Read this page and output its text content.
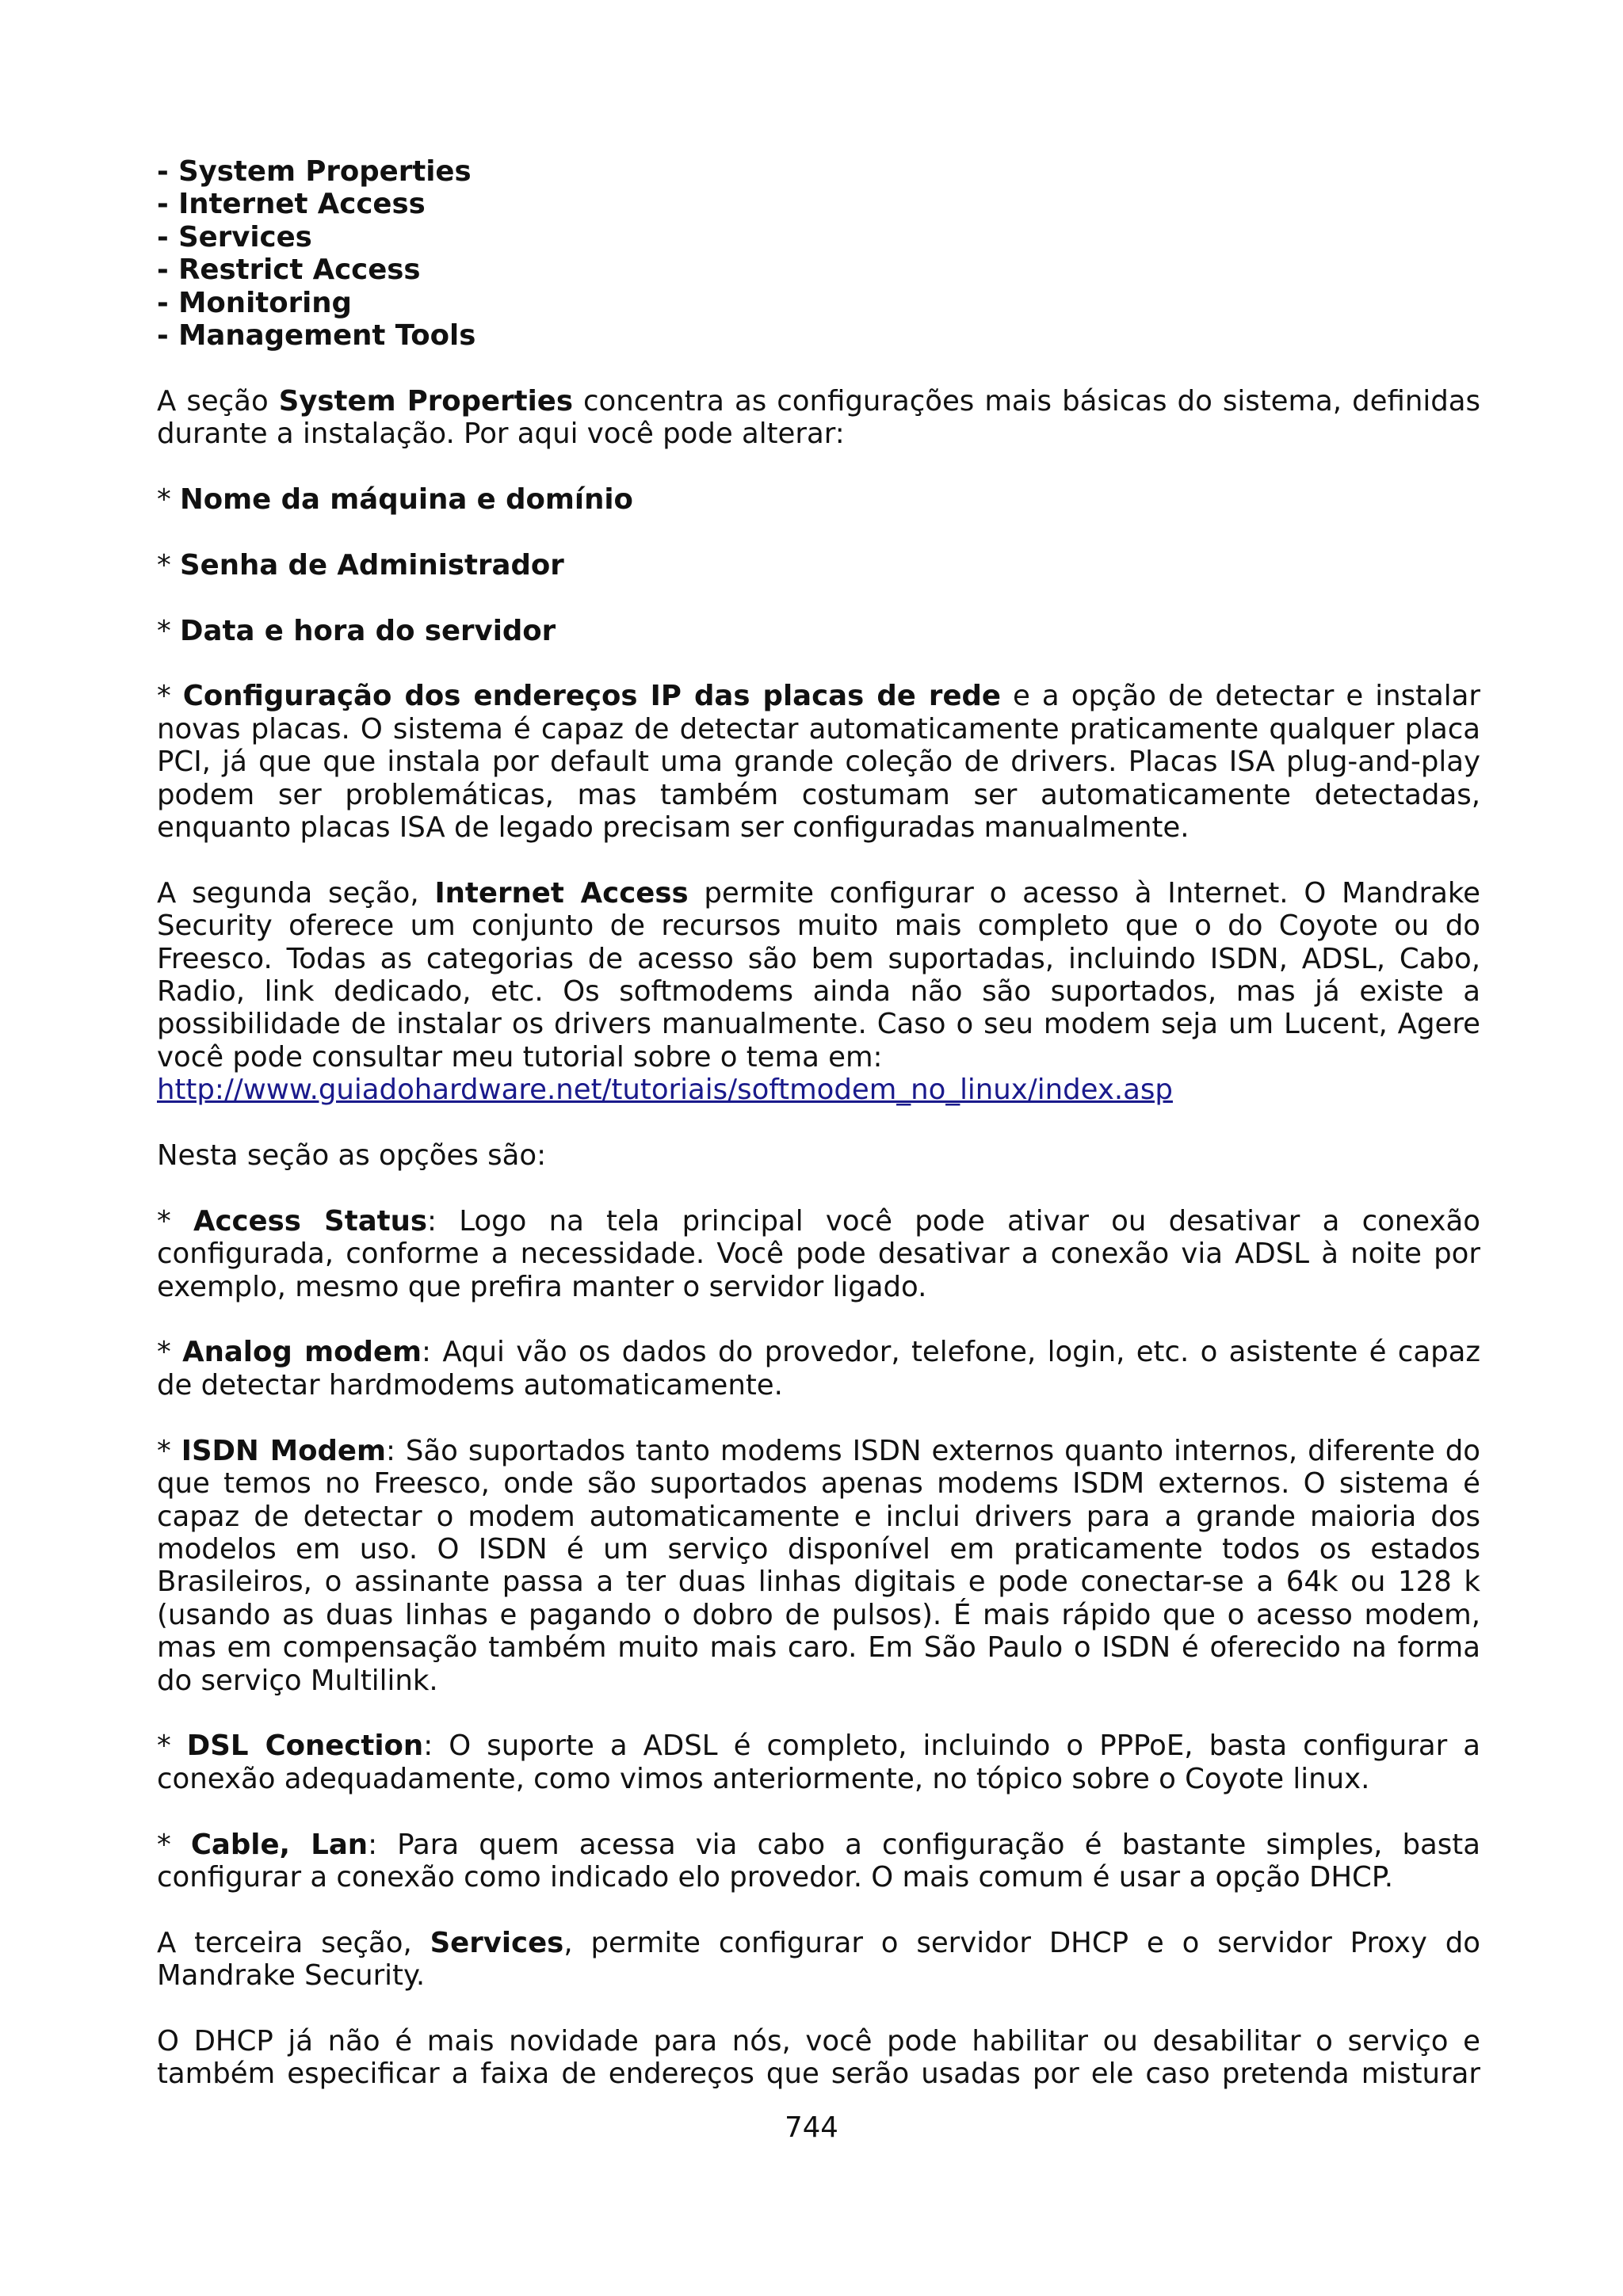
- System Properties
- Internet Access
- Services
- Restrict Access
- Monitoring
- Management Tools

A seção System Properties concentra as configurações mais básicas do sistema, definidas durante a instalação. Por aqui você pode alterar:

* Nome da máquina e domínio

* Senha de Administrador

* Data e hora do servidor

* Configuração dos endereços IP das placas de rede e a opção de detectar e instalar novas placas. O sistema é capaz de detectar automaticamente praticamente qualquer placa PCI, já que que instala por default uma grande coleção de drivers. Placas ISA plug-and-play podem ser problemáticas, mas também costumam ser automaticamente detectadas, enquanto placas ISA de legado precisam ser configuradas manualmente.

A segunda seção, Internet Access permite configurar o acesso à Internet. O Mandrake Security oferece um conjunto de recursos muito mais completo que o do Coyote ou do Freesco. Todas as categorias de acesso são bem suportadas, incluindo ISDN, ADSL, Cabo, Radio, link dedicado, etc. Os softmodems ainda não são suportados, mas já existe a possibilidade de instalar os drivers manualmente. Caso o seu modem seja um Lucent, Agere você pode consultar meu tutorial sobre o tema em:
http://www.guiadohardware.net/tutoriais/softmodem_no_linux/index.asp

Nesta seção as opções são:

* Access Status: Logo na tela principal você pode ativar ou desativar a conexão configurada, conforme a necessidade. Você pode desativar a conexão via ADSL à noite por exemplo, mesmo que prefira manter o servidor ligado.

* Analog modem: Aqui vão os dados do provedor, telefone, login, etc. o asistente é capaz de detectar hardmodems automaticamente.

* ISDN Modem: São suportados tanto modems ISDN externos quanto internos, diferente do que temos no Freesco, onde são suportados apenas modems ISDM externos. O sistema é capaz de detectar o modem automaticamente e inclui drivers para a grande maioria dos modelos em uso. O ISDN é um serviço disponível em praticamente todos os estados Brasileiros, o assinante passa a ter duas linhas digitais e pode conectar-se a 64k ou 128 k (usando as duas linhas e pagando o dobro de pulsos). É mais rápido que o acesso modem, mas em compensação também muito mais caro. Em São Paulo o ISDN é oferecido na forma do serviço Multilink.

* DSL Conection: O suporte a ADSL é completo, incluindo o PPPoE, basta configurar a conexão adequadamente, como vimos anteriormente, no tópico sobre o Coyote linux.

* Cable, Lan: Para quem acessa via cabo a configuração é bastante simples, basta configurar a conexão como indicado elo provedor. O mais comum é usar a opção DHCP.

A terceira seção, Services, permite configurar o servidor DHCP e o servidor Proxy do Mandrake Security.

O DHCP já não é mais novidade para nós, você pode habilitar ou desabilitar o serviço e também especificar a faixa de endereços que serão usadas por ele caso pretenda misturar

744
